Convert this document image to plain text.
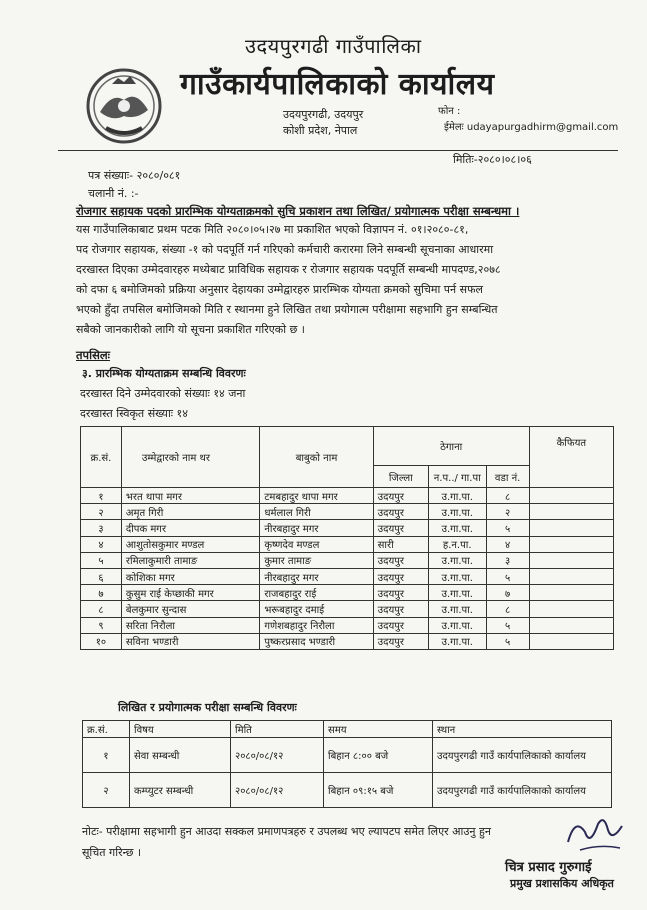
उदयपुरगढी गाउँपालिका
गाउँकार्यपालिकाको कार्यालय
उदयपुरगढी, उदयपुर
कोशी प्रदेश, नेपाल
फोन :
ईमेलः udayapurgadhirm@gmail.com
मितिः-२०८०।०८।०६
पत्र संख्याः- २०८०/०८१
चलानी नं. :-
रोजगार सहायक पदको प्रारम्भिक योग्यताक्रमको सुचि प्रकाशन तथा लिखित/ प्रयोगात्मक परीक्षा सम्बन्धमा ।
यस गाउँपालिकाबाट प्रथम पटक मिति २०८०।०५।२७ मा प्रकाशित भएको विज्ञापन नं. ०१।२०८०-८१,
पद रोजगार सहायक, संख्या -१ को पदपूर्ति गर्न गरिएको कर्मचारी करारमा लिने सम्बन्धी सूचनाका आधारमा
दरखास्त दिएका उम्मेदवारहरु मध्येबाट प्राविधिक सहायक र रोजगार सहायक पदपूर्ति सम्बन्धी मापदण्ड,२०७८
को दफा ६ बमोजिमको प्रक्रिया अनुसार देहायका उम्मेद्वारहरु प्रारम्भिक योग्यता क्रमको सुचिमा पर्न सफल
भएको हुँदा तपसिल बमोजिमको मिति र स्थानमा हुने लिखित तथा प्रयोगात्म परीक्षामा सहभागि हुन सम्बन्धित
सबैको जानकारीको लागि यो सूचना प्रकाशित गरिएको छ ।
तपसिलः
३. प्रारम्भिक योग्यताक्रम सम्बन्धि विवरणः
दरखास्त दिने उम्मेदवारको संख्याः १४ जना
दरखास्त स्विकृत संख्याः १४
क्र.सं.	उम्मेद्वारको नाम थर	बाबुको नाम	ठेगाना			कैफियत
			जिल्ला	न.प../ गा.पा	वडा नं.	
१	भरत थापा मगर	टमबहादुर थापा मगर	उदयपुर	उ.गा.पा.	८	
२	अमृत गिरी	धर्मलाल गिरी	उदयपुर	उ.गा.पा.	२	
३	दीपक मगर	नीरबहादुर मगर	उदयपुर	उ.गा.पा.	५	
४	आशुतोसकुमार मण्डल	कृष्णदेव मण्डल	सारी	ह.न.पा.	४	
५	रमिलाकुमारी तामाङ	कुमार तामाङ	उदयपुर	उ.गा.पा.	३	
६	कोशिका मगर	नीरबहादुर मगर	उदयपुर	उ.गा.पा.	५	
७	कुसुम राई केप्छाकी मगर	राजबहादुर राई	उदयपुर	उ.गा.पा.	७	
८	बेलकुमार सुन्दास	भरूबहादुर दमाई	उदयपुर	उ.गा.पा.	८	
९	सरिता निरौला	गणेशबहादुर निरौला	उदयपुर	उ.गा.पा.	५	
१०	सविना भण्डारी	पुष्करप्रसाद भण्डारी	उदयपुर	उ.गा.पा.	५	
लिखित र प्रयोगात्मक परीक्षा सम्बन्धि विवरणः
क्र.सं.	विषय	मिति	समय	स्थान
१	सेवा सम्बन्धी	२०८०/०८/१२	बिहान ८:०० बजे	उदयपुरगढी गाउँ कार्यपालिकाको कार्यालय
२	कम्प्युटर सम्बन्धी	२०८०/०८/१२	बिहान ०९:१५ बजे	उदयपुरगढी गाउँ कार्यपालिकाको कार्यालय
नोटः- परीक्षामा सहभागी हुन आउदा सक्कल प्रमाणपत्रहरु र उपलब्ध भए ल्यापटप समेत लिएर आउनु हुन
सूचित गरिन्छ ।
चित्र प्रसाद गुरुगाई
प्रमुख प्रशासकिय अधिकृत
